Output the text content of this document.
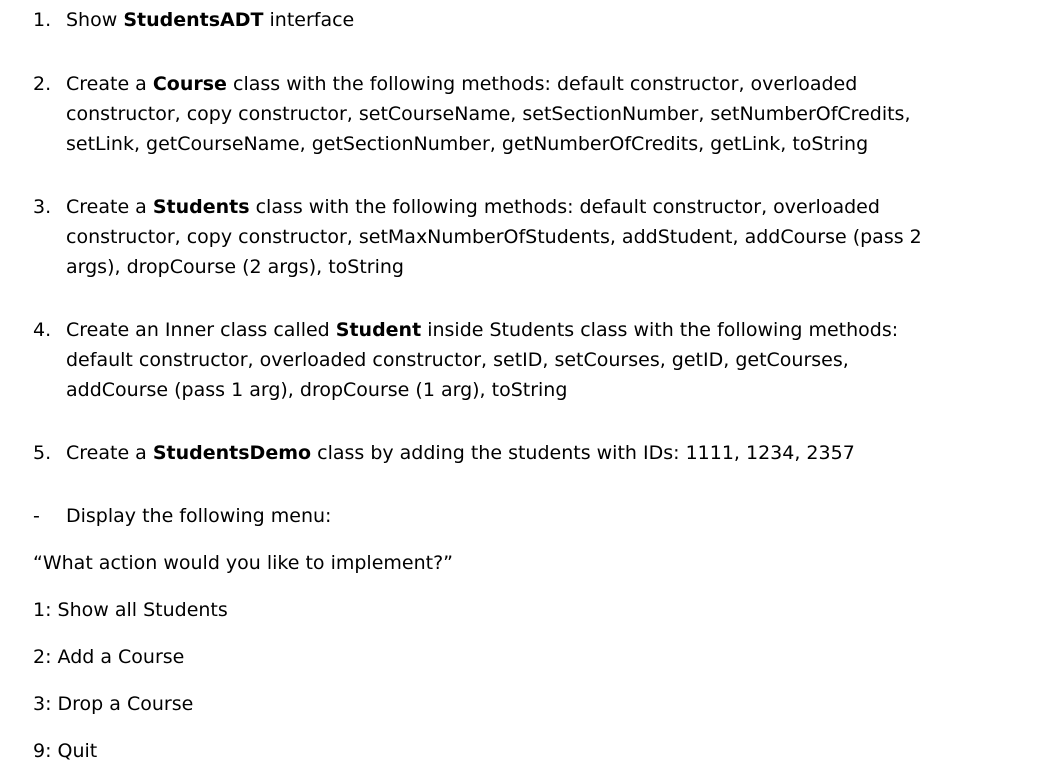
1. Show StudentsADT interface
2. Create a Course class with the following methods: default constructor, overloaded
constructor, copy constructor, setCourseName, setSectionNumber, setNumberOfCredits,
setLink, getCourseName, getSectionNumber, getNumberOfCredits, getLink, toString
3. Create a Students class with the following methods: default constructor, overloaded
constructor, copy constructor, setMaxNumberOfStudents, addStudent, addCourse (pass 2
args), dropCourse (2 args), toString
4. Create an Inner class called Student inside Students class with the following methods:
default constructor, overloaded constructor, setID, setCourses, getID, getCourses,
addCourse (pass 1 arg), dropCourse (1 arg), toString
5. Create a StudentsDemo class by adding the students with IDs: 1111, 1234, 2357
- Display the following menu:
“What action would you like to implement?”
1: Show all Students
2: Add a Course
3: Drop a Course
9: Quit
